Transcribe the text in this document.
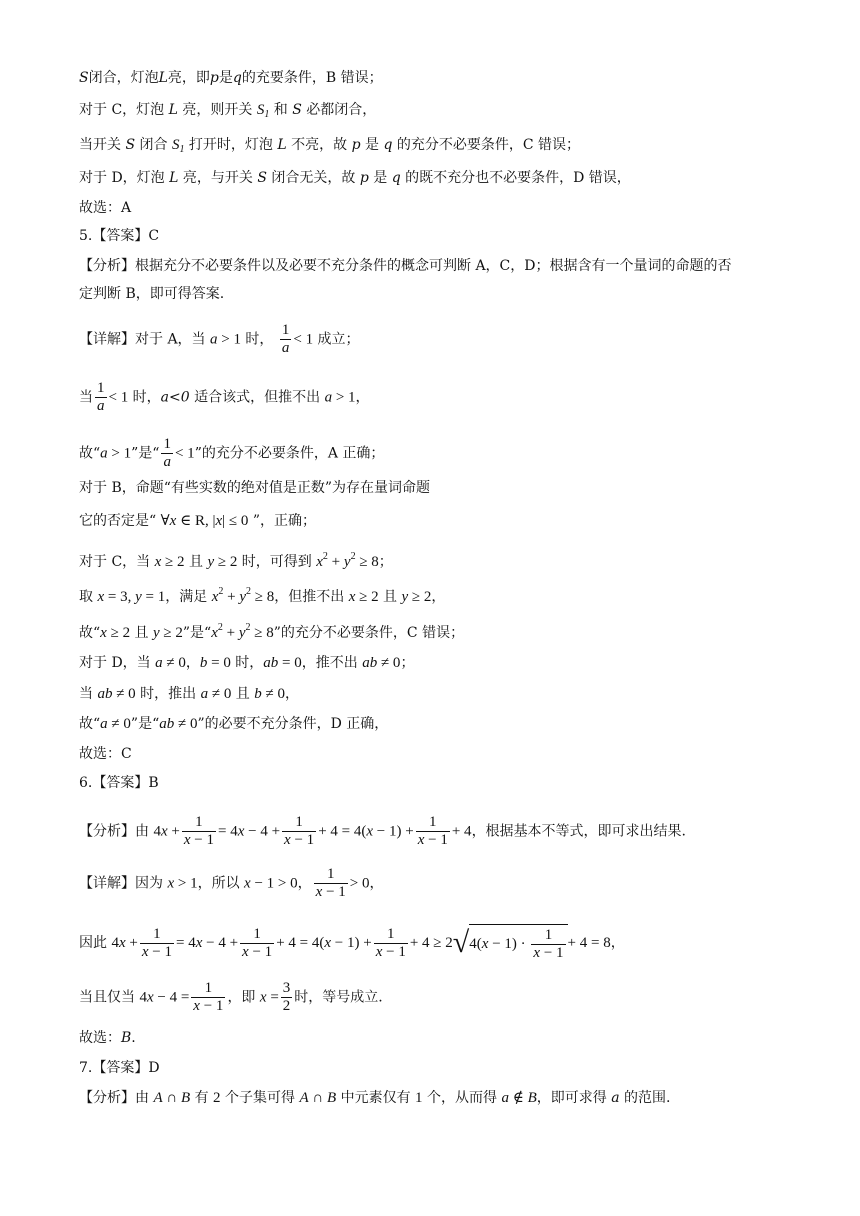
S闭合，灯泡L亮，即p是q的充要条件，B 错误；
对于 C，灯泡 L 亮，则开关 $S_1$ 和 S 必都闭合，
当开关 S 闭合 $S_1$ 打开时，灯泡 L 不亮，故 p 是 q 的充分不必要条件，C 错误；
对于 D，灯泡 L 亮，与开关 S 闭合无关，故 p 是 q 的既不充分也不必要条件，D 错误，
故选：A
5.【答案】C
【分析】根据充分不必要条件以及必要不充分条件的概念可判断 A，C，D；根据含有一个量词的命题的否
定判断 B，即可得答案.
【详解】对于 A，当 a > 1 时， $\frac{1}{a} < 1$ 成立；
当 $\frac{1}{a} < 1$ 时，a<0 适合该式，但推不出 a > 1，
故“a > 1”是“ $\frac{1}{a} < 1$”的充分不必要条件，A 正确；
对于 B，命题“有些实数的绝对值是正数”为存在量词命题
它的否定是“ ∀x ∈ R, |x| ≤ 0 ”，正确；
对于 C，当 x ≥ 2 且 y ≥ 2 时，可得到 $x^2 + y^2 \ge 8$；
取 x = 3, y = 1，满足 $x^2 + y^2 \ge 8$，但推不出 x ≥ 2 且 y ≥ 2，
故“x ≥ 2 且 y ≥ 2”是“$x^2 + y^2 \ge 8$”的充分不必要条件，C 错误；
对于 D，当 a ≠ 0，b = 0 时，ab = 0，推不出 ab ≠ 0；
当 ab ≠ 0 时，推出 a ≠ 0 且 b ≠ 0，
故“a ≠ 0”是“ab ≠ 0”的必要不充分条件，D 正确，
故选：C
6.【答案】B
【分析】由 $4x + \frac{1}{x - 1} = 4x - 4 + \frac{1}{x - 1} + 4 = 4(x - 1) + \frac{1}{x - 1} + 4$，根据基本不等式，即可求出结果.
【详解】因为 x > 1，所以 x − 1 > 0， $\frac{1}{x - 1} > 0$，
因此 $4x + \frac{1}{x - 1} = 4x - 4 + \frac{1}{x - 1} + 4 = 4(x - 1) + \frac{1}{x - 1} + 4 \ge 2√4(x - 1) \cdot \frac{1}{x - 1} + 4 = 8$，
当且仅当 $4x - 4 = \frac{1}{x - 1}$ ，即 $x = \frac{3}{2}$ 时，等号成立.
故选：B.
7.【答案】D
【分析】由 A ∩ B 有 2 个子集可得 A ∩ B 中元素仅有 1 个，从而得 a ∉ B，即可求得 a 的范围.
